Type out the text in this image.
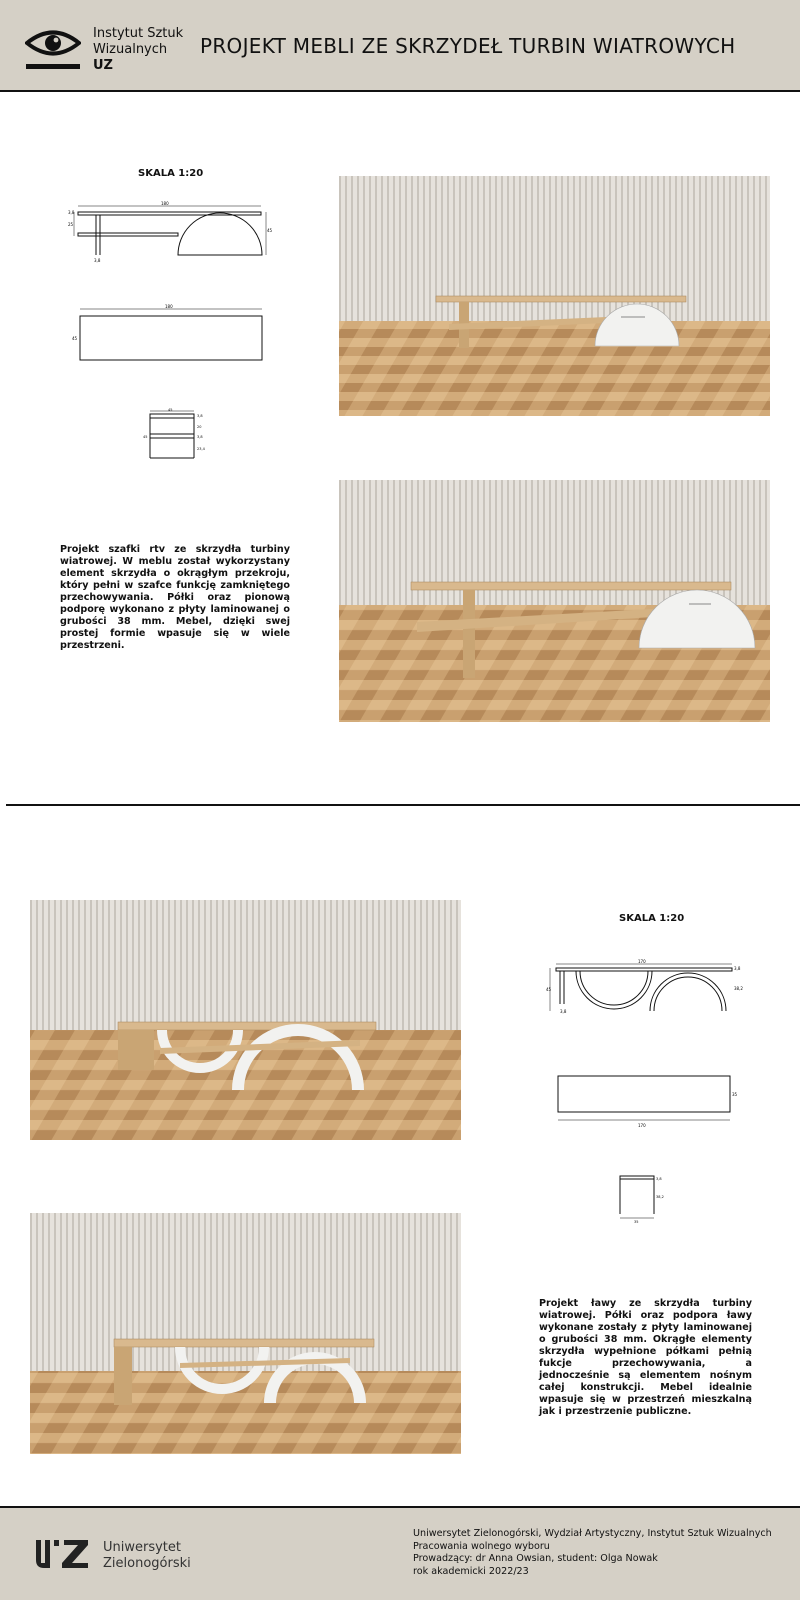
Instytut Sztuk
Wizualnych
UZ
PROJEKT MEBLI ZE SKRZYDEŁ TURBIN WIATROWYCH
SKALA 1:20
180
45
3,8
25
3,8
180
45
45
3,8
20
3,8
23,4
45
Projekt szafki rtv ze skrzydła turbiny wiatrowej. W meblu został wykorzystany element skrzydła o okrągłym przekroju, który pełni w szafce funkcję zamkniętego przechowywania. Półki oraz pionową podporę wykonano z płyty laminowanej o grubości 38 mm. Mebel, dzięki swej prostej formie wpasuje się w wiele przestrzeni.
SKALA 1:20
170
45
3,8
38,2
3,8
170
35
3,8
38,2
35
Projekt ławy ze skrzydła turbiny wiatrowej. Półki oraz podpora ławy wykonane zostały z płyty laminowanej o grubości 38 mm. Okrągłe elementy skrzydła wypełnione półkami pełnią fukcje przechowywania, a jednocześnie są elementem nośnym całej konstrukcji. Mebel idealnie wpasuje się w przestrzeń mieszkalną jak i przestrzenie publiczne.
Uniwersytet
Zielonogórski
Uniwersytet Zielonogórski, Wydział Artystyczny, Instytut Sztuk Wizualnych
Pracowania wolnego wyboru
Prowadzący: dr Anna Owsian, student: Olga Nowak
rok akademicki 2022/23
